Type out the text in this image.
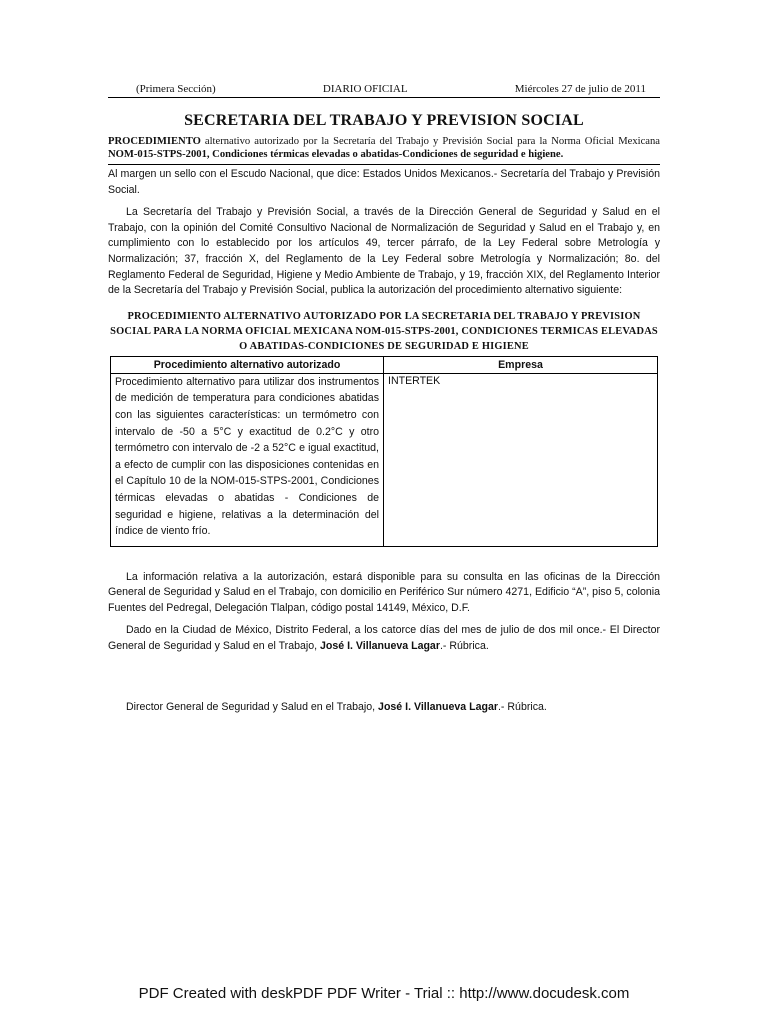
(Primera Sección)	DIARIO OFICIAL	Miércoles 27 de julio de 2011
SECRETARIA DEL TRABAJO Y PREVISION SOCIAL
PROCEDIMIENTO alternativo autorizado por la Secretaría del Trabajo y Previsión Social para la Norma Oficial Mexicana NOM-015-STPS-2001, Condiciones térmicas elevadas o abatidas-Condiciones de seguridad e higiene.

Al margen un sello con el Escudo Nacional, que dice: Estados Unidos Mexicanos.- Secretaría del Trabajo y Previsión Social.

La Secretaría del Trabajo y Previsión Social, a través de la Dirección General de Seguridad y Salud en el Trabajo, con la opinión del Comité Consultivo Nacional de Normalización de Seguridad y Salud en el Trabajo y, en cumplimiento con lo establecido por los artículos 49, tercer párrafo, de la Ley Federal sobre Metrología y Normalización; 37, fracción X, del Reglamento de la Ley Federal sobre Metrología y Normalización; 8o. del Reglamento Federal de Seguridad, Higiene y Medio Ambiente de Trabajo, y 19, fracción XIX, del Reglamento Interior de la Secretaría del Trabajo y Previsión Social, publica la autorización del procedimiento alternativo siguiente:

PROCEDIMIENTO ALTERNATIVO AUTORIZADO POR LA SECRETARIA DEL TRABAJO Y PREVISION SOCIAL PARA LA NORMA OFICIAL MEXICANA NOM-015-STPS-2001, CONDICIONES TERMICAS ELEVADAS O ABATIDAS-CONDICIONES DE SEGURIDAD E HIGIENE
Procedimiento alternativo autorizado	Empresa
Procedimiento alternativo para utilizar dos instrumentos de medición de temperatura para condiciones abatidas con las siguientes características: un termómetro con intervalo de -50 a 5°C y exactitud de 0.2°C y otro termómetro con intervalo de -2 a 52°C e igual exactitud, a efecto de cumplir con las disposiciones contenidas en el Capítulo 10 de la NOM-015-STPS-2001, Condiciones térmicas elevadas o abatidas - Condiciones de seguridad e higiene, relativas a la determinación del índice de viento frío.	INTERTEK

La información relativa a la autorización, estará disponible para su consulta en las oficinas de la Dirección General de Seguridad y Salud en el Trabajo, con domicilio en Periférico Sur número 4271, Edificio “A”, piso 5, colonia Fuentes del Pedregal, Delegación Tlalpan, código postal 14149, México, D.F.

Dado en la Ciudad de México, Distrito Federal, a los catorce días del mes de julio de dos mil once.- El Director General de Seguridad y Salud en el Trabajo, José I. Villanueva Lagar.- Rúbrica.

Director General de Seguridad y Salud en el Trabajo, José I. Villanueva Lagar.- Rúbrica.

PDF Created with deskPDF PDF Writer - Trial :: http://www.docudesk.com
